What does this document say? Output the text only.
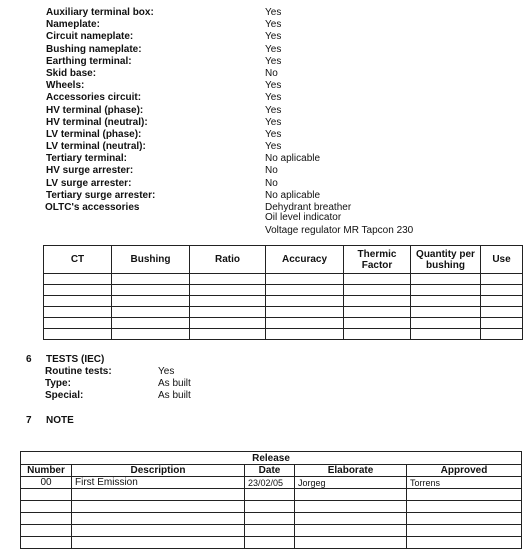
Auxiliary terminal box:	Yes
Nameplate:	Yes
Circuit nameplate:	Yes
Bushing nameplate:	Yes
Earthing terminal:	Yes
Skid base:	No
Wheels:	Yes
Accessories circuit:	Yes
HV terminal (phase):	Yes
HV terminal (neutral):	Yes
LV terminal (phase):	Yes
LV terminal (neutral):	Yes
Tertiary terminal:	No aplicable
HV surge arrester:	No
LV surge arrester:	No
Tertiary surge arrester:	No aplicable
OLTC's accessories	Dehydrant breather
Oil level indicator
Voltage regulator MR Tapcon 230
CT	Bushing	Ratio	Accuracy	Thermic Factor	Quantity per bushing	Use

6 TESTS (IEC)
Routine tests:	Yes
Type:	As built
Special:	As built
7 NOTE
Release				
Number	Description	Date	Elaborate	Approved
00	First Emission	23/02/05	Jorgeg	Torrens
